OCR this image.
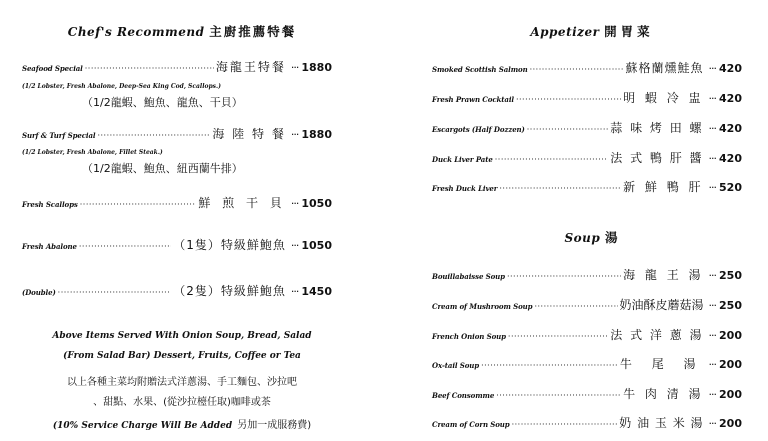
Chef's Recommend 主廚推薦特餐
Seafood Special ·····	海龍王特餐 ··· 1880
(1/2 Lobster, Fresh Abalone, Deep-Sea King Cod, Scallops.)
（1/2龍蝦、鮑魚、龍魚、干貝）
Surf & Turf Special ·····	海 陸 特 餐 ··· 1880
(1/2 Lobster, Fresh Abalone, Fillet Steak.)
（1/2龍蝦、鮑魚、紐西蘭牛排）
Fresh Scallops ·····	鮮 煎 干 貝 ··· 1050
Fresh Abalone ·····	（1隻）特級鮮鮑魚 ··· 1050
(Double) ·····	（2隻）特級鮮鮑魚 ··· 1450
Above Items Served With Onion Soup, Bread, Salad
(From Salad Bar) Dessert, Fruits, Coffee or Tea
以上各種主菜均附贈法式洋蔥湯、手工麵包、沙拉吧
、甜點、水果、(從沙拉檯任取)咖啡或茶
(10% Service Charge Will Be Added 另加一成服務費)
Appetizer 開胃菜
Smoked Scottish Salmon ·····	蘇格蘭燻鮭魚 ··· 420
Fresh Prawn Cocktail ·····	明 蝦 冷 盅 ··· 420
Escargots (Half Dozzen) ·····	蒜 味 烤 田 螺 ··· 420
Duck Liver Pate ·····	法 式 鴨 肝 醬 ··· 420
Fresh Duck Liver ·····	新 鮮 鴨 肝 ··· 520
Soup 湯
Bouillabaisse Soup ·····	海 龍 王 湯 ··· 250
Cream of Mushroom Soup ·····	奶油酥皮蘑菇湯 ··· 250
French Onion Soup ·····	法 式 洋 蔥 湯 ··· 200
Ox-tail Soup ·····	牛 尾 湯 ··· 200
Beef Consomme ·····	牛 肉 清 湯 ··· 200
Cream of Corn Soup ·····	奶 油 玉 米 湯 ··· 200
